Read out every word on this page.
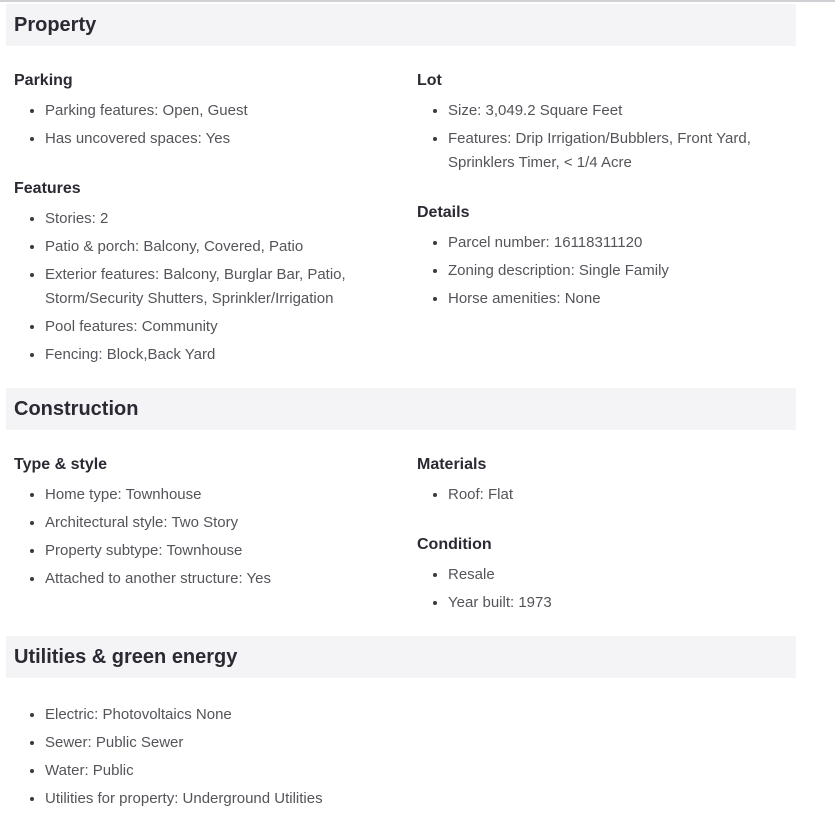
Property
Parking
• Parking features: Open, Guest
• Has uncovered spaces: Yes
Features
• Stories: 2
• Patio & porch: Balcony, Covered, Patio
• Exterior features: Balcony, Burglar Bar, Patio, Storm/Security Shutters, Sprinkler/Irrigation
• Pool features: Community
• Fencing: Block,Back Yard
Lot
• Size: 3,049.2 Square Feet
• Features: Drip Irrigation/Bubblers, Front Yard, Sprinklers Timer, < 1/4 Acre
Details
• Parcel number: 16118311120
• Zoning description: Single Family
• Horse amenities: None
Construction
Type & style
• Home type: Townhouse
• Architectural style: Two Story
• Property subtype: Townhouse
• Attached to another structure: Yes
Materials
• Roof: Flat
Condition
• Resale
• Year built: 1973
Utilities & green energy
• Electric: Photovoltaics None
• Sewer: Public Sewer
• Water: Public
• Utilities for property: Underground Utilities
